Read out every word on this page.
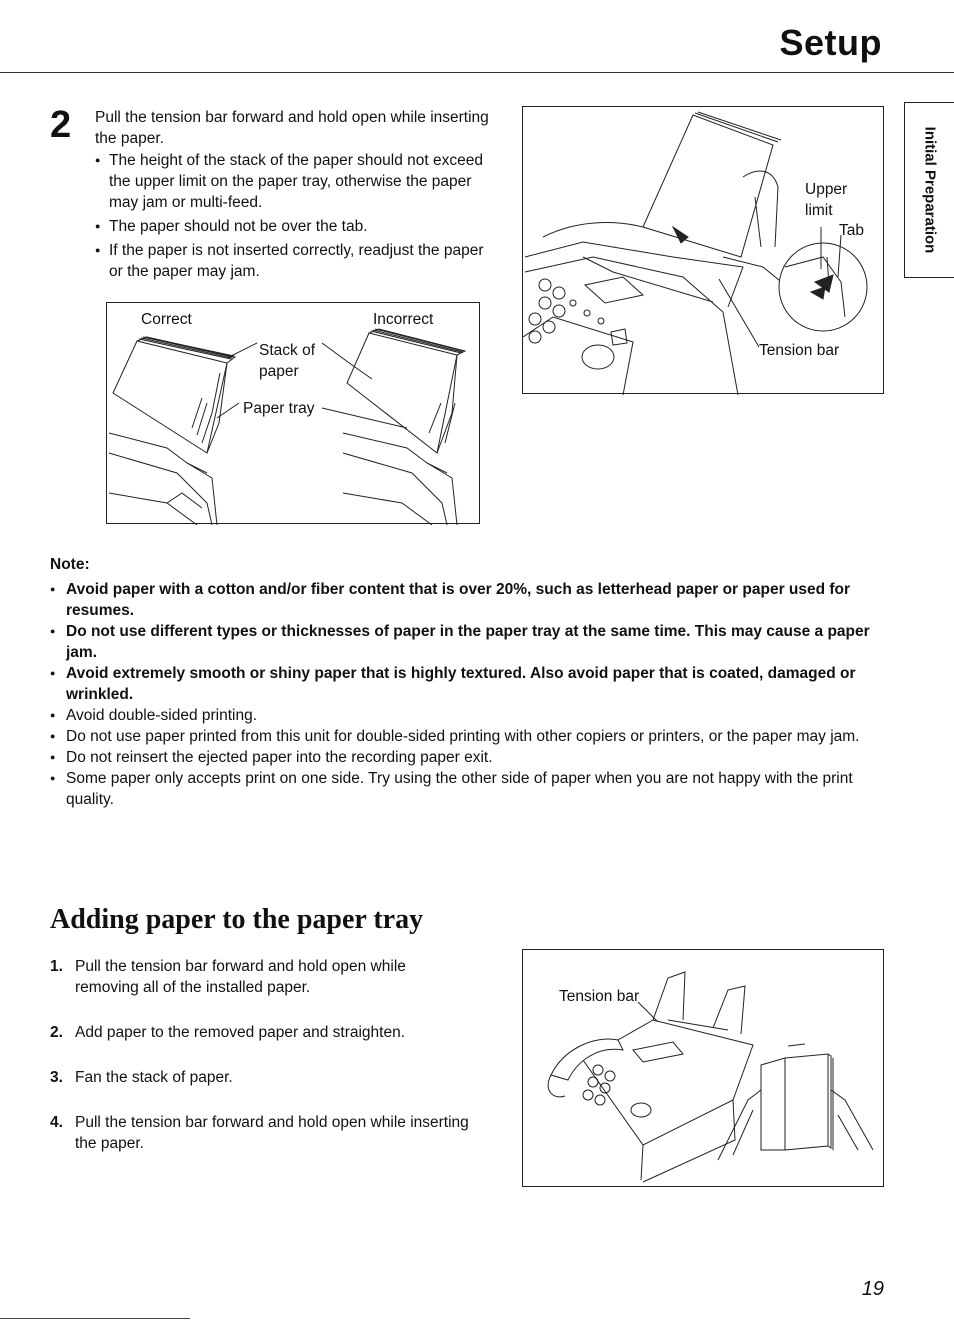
Setup
Initial Preparation
2 Pull the tension bar forward and hold open while inserting the paper.
● The height of the stack of the paper should not exceed the upper limit on the paper tray, otherwise the paper may jam or multi-feed.
● The paper should not be over the tab.
● If the paper is not inserted correctly, readjust the paper or the paper may jam.
Correct	Incorrect
Stack of
paper
Paper tray
Upper
limit
Tab
Tension bar
Note:
● Avoid paper with a cotton and/or fiber content that is over 20%, such as letterhead paper or paper used for resumes.
● Do not use different types or thicknesses of paper in the paper tray at the same time. This may cause a paper jam.
● Avoid extremely smooth or shiny paper that is highly textured. Also avoid paper that is coated, damaged or wrinkled.
● Avoid double-sided printing.
● Do not use paper printed from this unit for double-sided printing with other copiers or printers, or the paper may jam.
● Do not reinsert the ejected paper into the recording paper exit.
● Some paper only accepts print on one side. Try using the other side of paper when you are not happy with the print quality.
Adding paper to the paper tray
1. Pull the tension bar forward and hold open while removing all of the installed paper.
2. Add paper to the removed paper and straighten.
3. Fan the stack of paper.
4. Pull the tension bar forward and hold open while inserting the paper.
Tension bar
19
